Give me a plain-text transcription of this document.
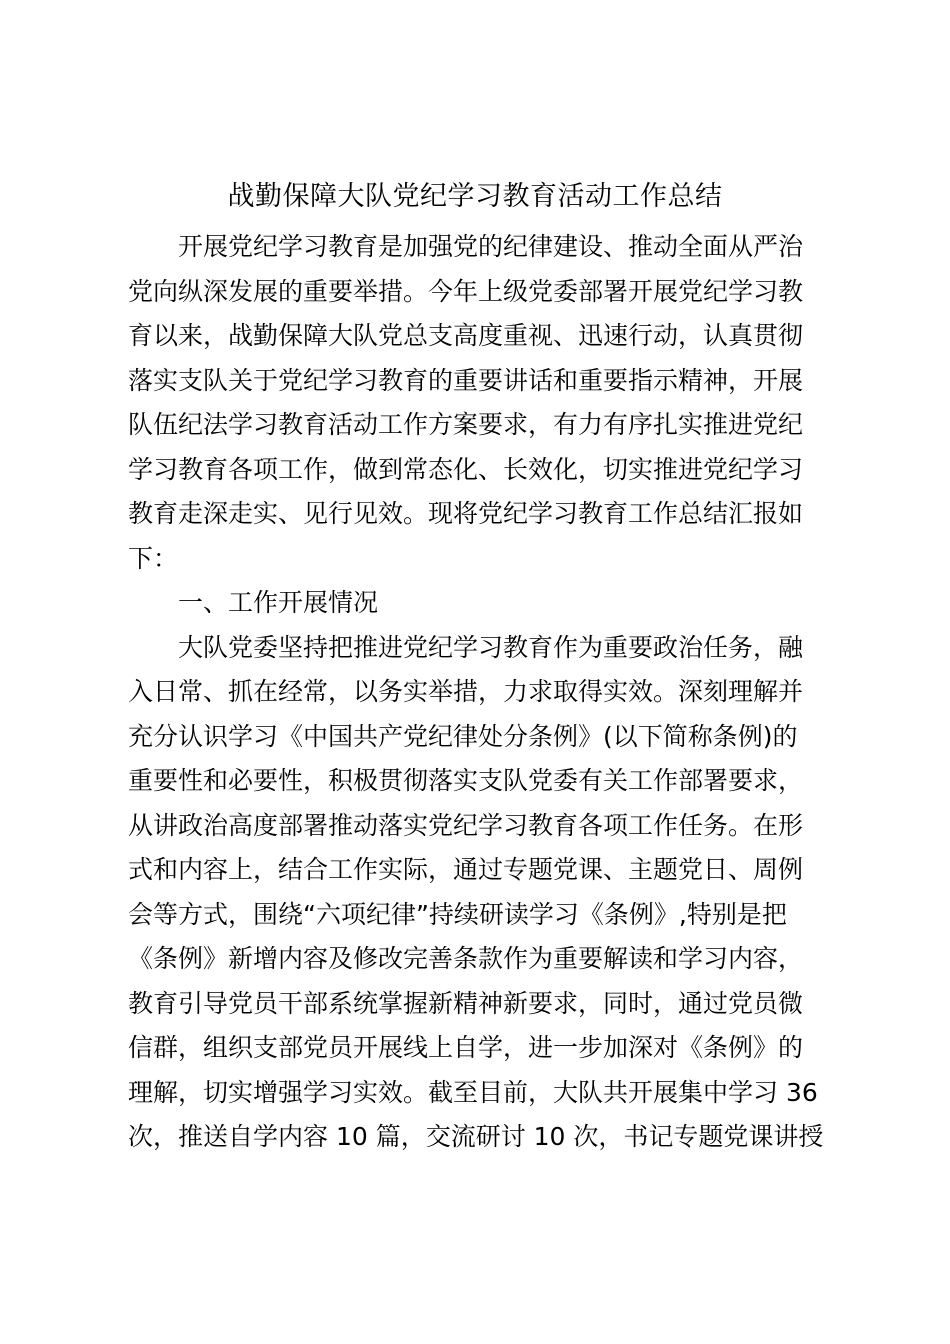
战勤保障大队党纪学习教育活动工作总结
开展党纪学习教育是加强党的纪律建设、推动全面从严治
党向纵深发展的重要举措。今年上级党委部署开展党纪学习教
育以来，战勤保障大队党总支高度重视、迅速行动，认真贯彻
落实支队关于党纪学习教育的重要讲话和重要指示精神，开展
队伍纪法学习教育活动工作方案要求，有力有序扎实推进党纪
学习教育各项工作，做到常态化、长效化，切实推进党纪学习
教育走深走实、见行见效。现将党纪学习教育工作总结汇报如
下：
一、工作开展情况
大队党委坚持把推进党纪学习教育作为重要政治任务，融
入日常、抓在经常，以务实举措，力求取得实效。深刻理解并
充分认识学习《中国共产党纪律处分条例》(以下简称条例)的
重要性和必要性，积极贯彻落实支队党委有关工作部署要求，
从讲政治高度部署推动落实党纪学习教育各项工作任务。在形
式和内容上，结合工作实际，通过专题党课、主题党日、周例
会等方式，围绕“六项纪律”持续研读学习《条例》,特别是把
《条例》新增内容及修改完善条款作为重要解读和学习内容，
教育引导党员干部系统掌握新精神新要求，同时，通过党员微
信群，组织支部党员开展线上自学，进一步加深对《条例》的
理解，切实增强学习实效。截至目前，大队共开展集中学习 36
次，推送自学内容 10 篇，交流研讨 10 次，书记专题党课讲授
